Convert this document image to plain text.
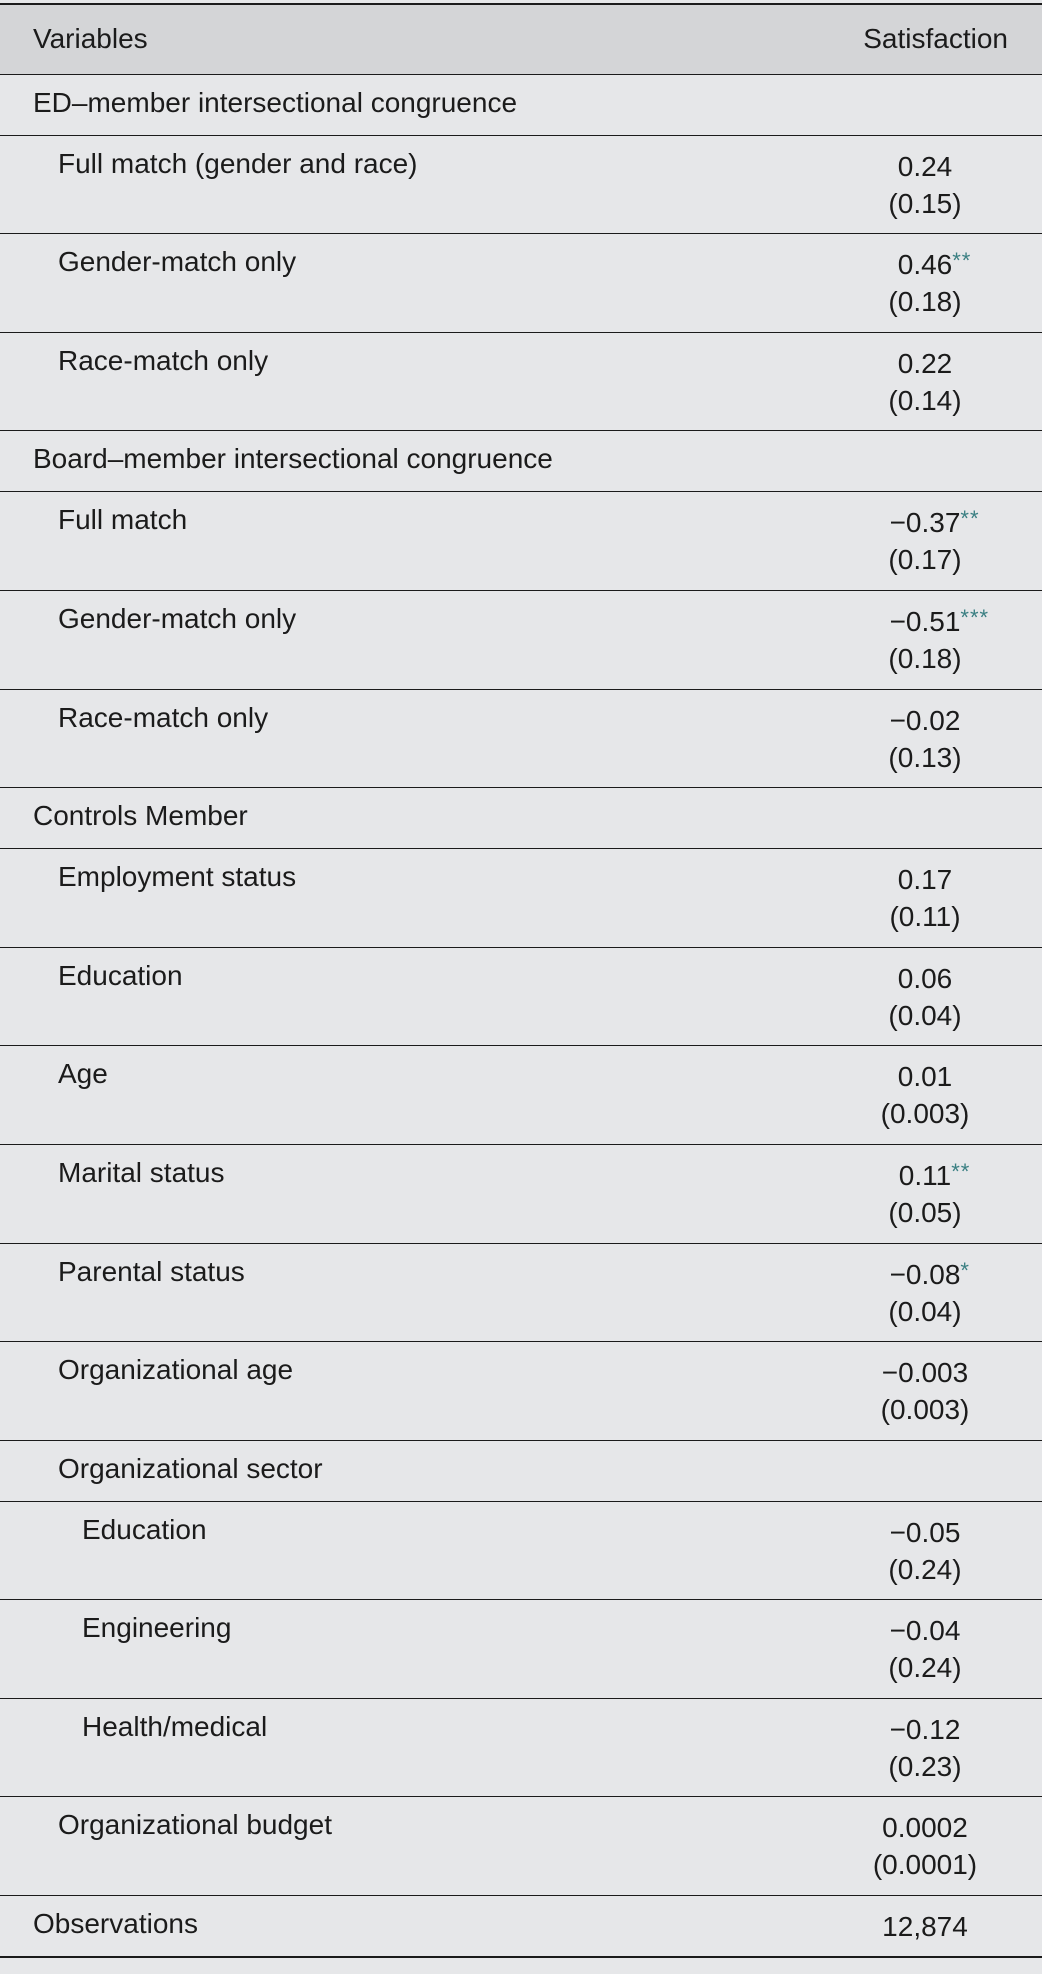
Variables	Satisfaction
ED–member intersectional congruence
Full match (gender and race)	0.24
(0.15)
Gender-match only	0.46 **
(0.18)
Race-match only	0.22
(0.14)
Board–member intersectional congruence
Full match	−0.37 **
(0.17)
Gender-match only	−0.51 ***
(0.18)
Race-match only	−0.02
(0.13)
Controls Member
Employment status	0.17
(0.11)
Education	0.06
(0.04)
Age	0.01
(0.003)
Marital status	0.11 **
(0.05)
Parental status	−0.08 *
(0.04)
Organizational age	−0.003
(0.003)
Organizational sector
Education	−0.05
(0.24)
Engineering	−0.04
(0.24)
Health/medical	−0.12
(0.23)
Organizational budget	0.0002
(0.0001)
Observations	12,874
